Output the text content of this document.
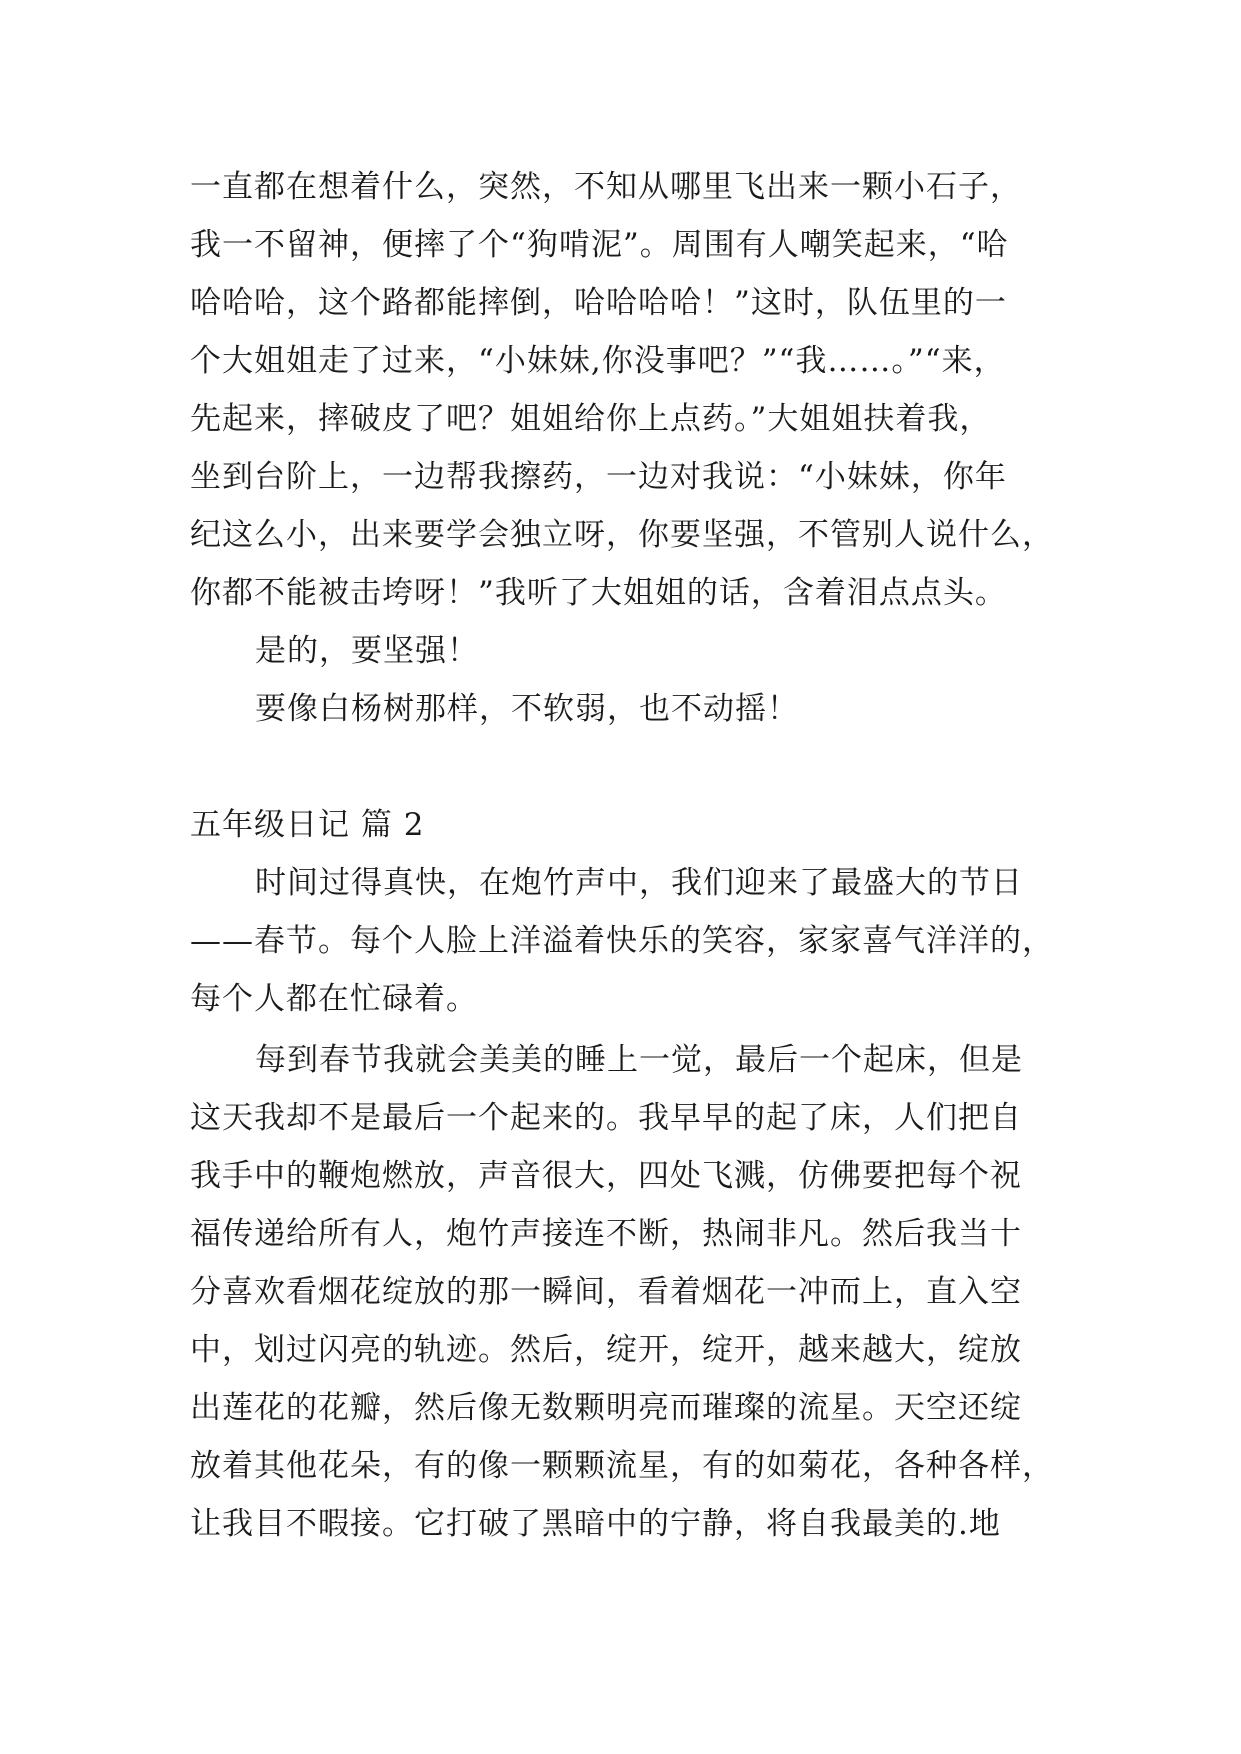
一直都在想着什么，突然，不知从哪里飞出来一颗小石子，
我一不留神，便摔了个“狗啃泥”。周围有人嘲笑起来，“哈
哈哈哈，这个路都能摔倒，哈哈哈哈！”这时，队伍里的一
个大姐姐走了过来，“小妹妹,你没事吧？”“我……。”“来，
先起来，摔破皮了吧？姐姐给你上点药。”大姐姐扶着我，
坐到台阶上，一边帮我擦药，一边对我说：“小妹妹，你年
纪这么小，出来要学会独立呀，你要坚强，不管别人说什么，
你都不能被击垮呀！”我听了大姐姐的话，含着泪点点头。
是的，要坚强！
要像白杨树那样，不软弱，也不动摇！
五年级日记 篇 2
时间过得真快，在炮竹声中，我们迎来了最盛大的节日
——春节。每个人脸上洋溢着快乐的笑容，家家喜气洋洋的，
每个人都在忙碌着。
每到春节我就会美美的睡上一觉，最后一个起床，但是
这天我却不是最后一个起来的。我早早的起了床，人们把自
我手中的鞭炮燃放，声音很大，四处飞溅，仿佛要把每个祝
福传递给所有人，炮竹声接连不断，热闹非凡。然后我当十
分喜欢看烟花绽放的那一瞬间，看着烟花一冲而上，直入空
中，划过闪亮的轨迹。然后，绽开，绽开，越来越大，绽放
出莲花的花瓣，然后像无数颗明亮而璀璨的流星。天空还绽
放着其他花朵，有的像一颗颗流星，有的如菊花，各种各样，
让我目不暇接。它打破了黑暗中的宁静，将自我最美的.地
